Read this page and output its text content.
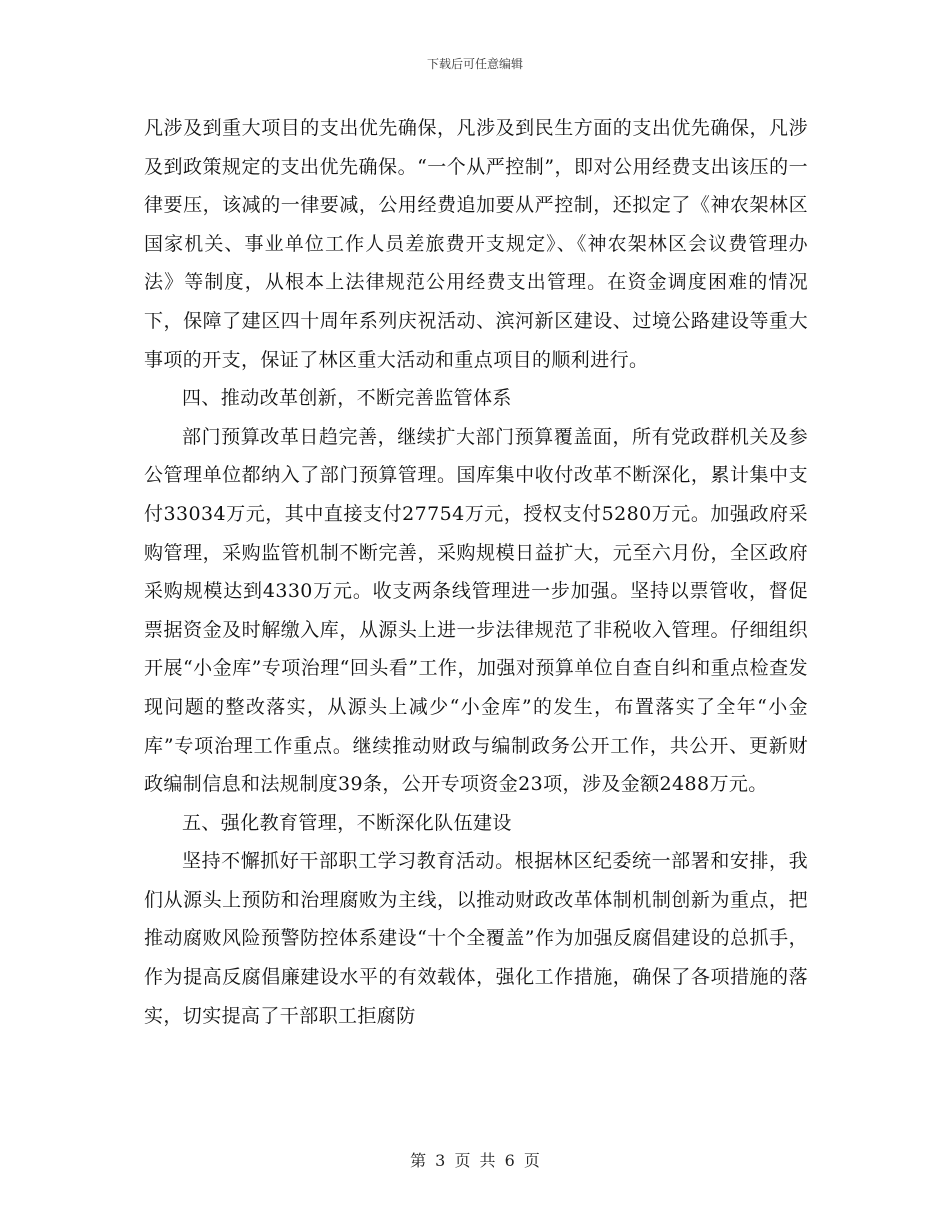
下载后可任意编辑

凡涉及到重大项目的支出优先确保，凡涉及到民生方面的支出优先确保，凡涉及到政策规定的支出优先确保。“一个从严控制”，即对公用经费支出该压的一律要压，该减的一律要减，公用经费追加要从严控制，还拟定了《神农架林区国家机关、事业单位工作人员差旅费开支规定》、《神农架林区会议费管理办法》等制度，从根本上法律规范公用经费支出管理。在资金调度困难的情况下，保障了建区四十周年系列庆祝活动、滨河新区建设、过境公路建设等重大事项的开支，保证了林区重大活动和重点项目的顺利进行。

四、推动改革创新，不断完善监管体系

部门预算改革日趋完善，继续扩大部门预算覆盖面，所有党政群机关及参公管理单位都纳入了部门预算管理。国库集中收付改革不断深化，累计集中支付33034万元，其中直接支付27754万元，授权支付5280万元。加强政府采购管理，采购监管机制不断完善，采购规模日益扩大，元至六月份，全区政府采购规模达到4330万元。收支两条线管理进一步加强。坚持以票管收，督促票据资金及时解缴入库，从源头上进一步法律规范了非税收入管理。仔细组织开展“小金库”专项治理“回头看”工作，加强对预算单位自查自纠和重点检查发现问题的整改落实，从源头上减少“小金库”的发生，布置落实了全年“小金库”专项治理工作重点。继续推动财政与编制政务公开工作，共公开、更新财政编制信息和法规制度39条，公开专项资金23项，涉及金额2488万元。

五、强化教育管理，不断深化队伍建设

坚持不懈抓好干部职工学习教育活动。根据林区纪委统一部署和安排，我们从源头上预防和治理腐败为主线，以推动财政改革体制机制创新为重点，把推动腐败风险预警防控体系建设“十个全覆盖”作为加强反腐倡建设的总抓手，作为提高反腐倡廉建设水平的有效载体，强化工作措施，确保了各项措施的落实，切实提高了干部职工拒腐防

第 3 页 共 6 页
